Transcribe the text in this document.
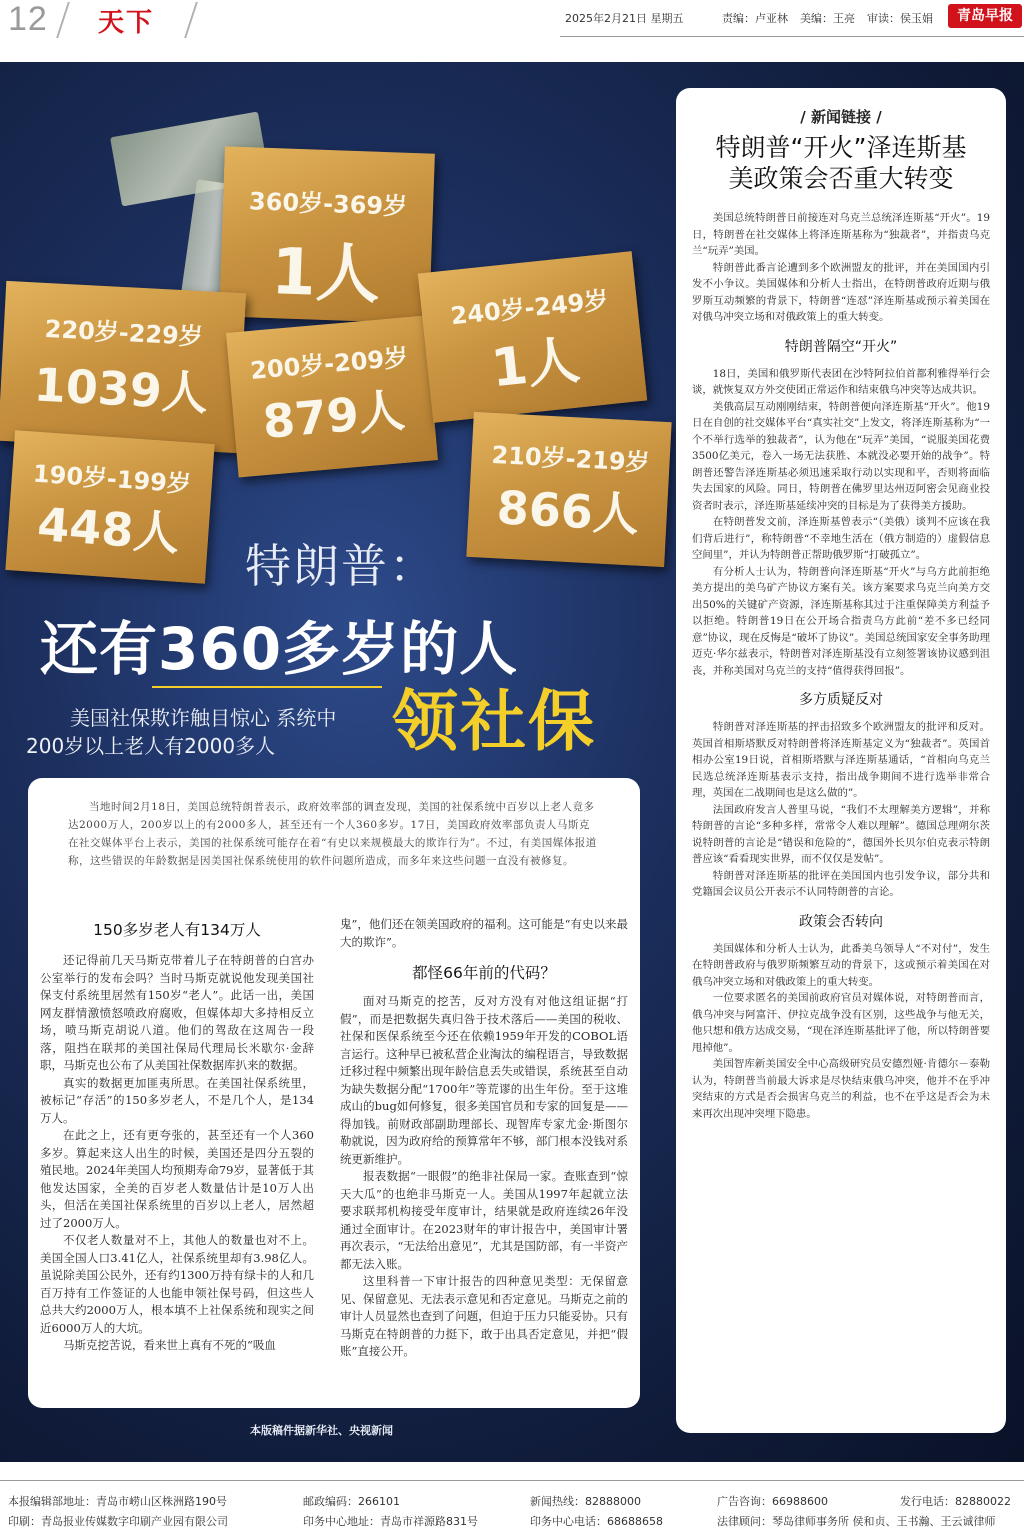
12 天下	2025年2月21日 星期五	责编：卢亚林 美编：王亮 审读：侯玉娟	青岛早报
360岁-369岁
1人
220岁-229岁
1039人	200岁-209岁
879人
240岁-249岁
1人
190岁-199岁
448人
210岁-219岁
866人
特朗普：
还有360多岁的人
领社保
美国社保欺诈触目惊心 系统中
200岁以上老人有2000多人
本版稿件据新华社、央视新闻
当地时间2月18日，美国总统特朗普表示，政府效率部的调查发现，美国的社保系统中百岁以上老人竟多达2000万人，200岁以上的有2000多人，甚至还有一个人360多岁。17日，美国政府效率部负责人马斯克在社交媒体平台上表示，美国的社保系统可能存在着“有史以来规模最大的欺诈行为”。不过，有美国媒体报道称，这些错误的年龄数据是因美国社保系统使用的软件问题所造成，而多年来这些问题一直没有被修复。
150多岁老人有134万人

还记得前几天马斯克带着儿子在特朗普的白宫办公室举行的发布会吗？当时马斯克就说他发现美国社保支付系统里居然有150岁“老人”。此话一出，美国网友群情激愤怒喷政府腐败，但媒体却大多持相反立场，喷马斯克胡说八道。他们的驾敌在这周告一段落，阻挡在联邦的美国社保局代理局长米歇尔·金辞职，马斯克也公布了从美国社保数据库扒来的数据。

真实的数据更加匪夷所思。在美国社保系统里，被标记“存活”的150多岁老人，不是几个人，是134万人。

在此之上，还有更夸张的，甚至还有一个人360多岁。算起来这人出生的时候，美国还是四分五裂的殖民地。2024年美国人均预期寿命79岁，显著低于其他发达国家，全美的百岁老人数量估计是10万人出头，但活在美国社保系统里的百岁以上老人，居然超过了2000万人。

不仅老人数量对不上，其他人的数量也对不上。美国全国人口3.41亿人，社保系统里却有3.98亿人。虽说除美国公民外，还有约1300万持有绿卡的人和几百万持有工作签证的人也能申领社保号码，但这些人总共大约2000万人，根本填不上社保系统和现实之间近6000万人的大坑。

马斯克挖苦说，看来世上真有不死的“吸血

鬼”，他们还在领美国政府的福利。这可能是“有史以来最大的欺诈”。

都怪66年前的代码？

面对马斯克的挖苦，反对方没有对他这组证据“打假”，而是把数据失真归咎于技术落后——美国的税收、社保和医保系统至今还在依赖1959年开发的COBOL语言运行。这种早已被私营企业淘汰的编程语言，导致数据迁移过程中频繁出现年龄信息丢失或错误，系统甚至自动为缺失数据分配“1700年”等荒谬的出生年份。至于这堆成山的bug如何修复，很多美国官员和专家的回复是——得加钱。前财政部副助理部长、现智库专家尤金·斯图尔勒就说，因为政府给的预算常年不够，部门根本没钱对系统更新维护。

报表数据“一眼假”的绝非社保局一家。查账查到“惊天大瓜”的也绝非马斯克一人。美国从1997年起就立法要求联邦机构接受年度审计，结果就是政府连续26年没通过全面审计。在2023财年的审计报告中，美国审计署再次表示，“无法给出意见”，尤其是国防部，有一半资产都无法入账。

这里科普一下审计报告的四种意见类型：无保留意见、保留意见、无法表示意见和否定意见。马斯克之前的审计人员显然也查到了问题，但迫于压力只能妥协。只有马斯克在特朗普的力挺下，敢于出具否定意见，并把“假账”直接公开。

/ 新闻链接 /
特朗普“开火”泽连斯基
美政策会否重大转变

美国总统特朗普日前接连对乌克兰总统泽连斯基“开火”。19日，特朗普在社交媒体上将泽连斯基称为“独裁者”，并指责乌克兰“玩弄”美国。

特朗普此番言论遭到多个欧洲盟友的批评，并在美国国内引发不小争议。美国媒体和分析人士指出，在特朗普政府近期与俄罗斯互动频繁的背景下，特朗普“连怼”泽连斯基或预示着美国在对俄乌冲突立场和对俄政策上的重大转变。

特朗普隔空“开火”

18日，美国和俄罗斯代表团在沙特阿拉伯首都利雅得举行会谈，就恢复双方外交使团正常运作和结束俄乌冲突等达成共识。

美俄高层互动刚刚结束，特朗普便向泽连斯基“开火”。他19日在自创的社交媒体平台“真实社交”上发文，将泽连斯基称为“一个不举行选举的独裁者”，认为他在“玩弄”美国，“说服美国花费3500亿美元，卷入一场无法获胜、本就没必要开始的战争”。特朗普还警告泽连斯基必须迅速采取行动以实现和平，否则将面临失去国家的风险。同日，特朗普在佛罗里达州迈阿密会见商业投资者时表示，泽连斯基延续冲突的目标是为了获得美方援助。

在特朗普发文前，泽连斯基曾表示“（美俄）谈判不应该在我们背后进行”，称特朗普“不幸地生活在（俄方制造的）虚假信息空间里”，并认为特朗普正帮助俄罗斯“打破孤立”。

有分析人士认为，特朗普向泽连斯基“开火”与乌方此前拒绝美方提出的美乌矿产协议方案有关。该方案要求乌克兰向美方交出50%的关键矿产资源，泽连斯基称其过于注重保障美方利益予以拒绝。特朗普19日在公开场合指责乌方此前“差不多已经同意”协议，现在反悔是“破坏了协议”。美国总统国家安全事务助理迈克·华尔兹表示，特朗普对泽连斯基没有立刻签署该协议感到沮丧，并称美国对乌克兰的支持“值得获得回报”。

多方质疑反对

特朗普对泽连斯基的抨击招致多个欧洲盟友的批评和反对。英国首相斯塔默反对特朗普将泽连斯基定义为“独裁者”。英国首相办公室19日说，首相斯塔默与泽连斯基通话，“首相向乌克兰民选总统泽连斯基表示支持，指出战争期间不进行选举非常合理，英国在二战期间也是这么做的”。

法国政府发言人普里马说，“我们不太理解美方逻辑”，并称特朗普的言论“多种多样，常常令人难以理解”。德国总理朔尔茨说特朗普的言论是“错误和危险的”，德国外长贝尔伯克表示特朗普应该“看看现实世界，而不仅仅是发帖”。

特朗普对泽连斯基的批评在美国国内也引发争议，部分共和党籍国会议员公开表示不认同特朗普的言论。

政策会否转向

美国媒体和分析人士认为，此番美乌领导人“不对付”，发生在特朗普政府与俄罗斯频繁互动的背景下，这或预示着美国在对俄乌冲突立场和对俄政策上的重大转变。

一位要求匿名的美国前政府官员对媒体说，对特朗普而言，俄乌冲突与阿富汗、伊拉克战争没有区别，这些战争与他无关，他只想和俄方达成交易，“现在泽连斯基批评了他，所以特朗普要甩掉他”。

美国智库新美国安全中心高级研究员安德烈娅·肯德尔－泰勒认为，特朗普当前最大诉求是尽快结束俄乌冲突，他并不在乎冲突结束的方式是否会损害乌克兰的利益，也不在乎这是否会为未来再次出现冲突埋下隐患。

本报编辑部地址：青岛市崂山区株洲路190号	邮政编码：266101	新闻热线：82888000	广告咨询：66988600	发行电话：82880022
印刷：青岛报业传媒数字印刷产业园有限公司	印务中心地址：青岛市祥源路831号	印务中心电话：68688658	法律顾问：琴岛律师事务所 侯和贞、王书瀚、王云诚律师
